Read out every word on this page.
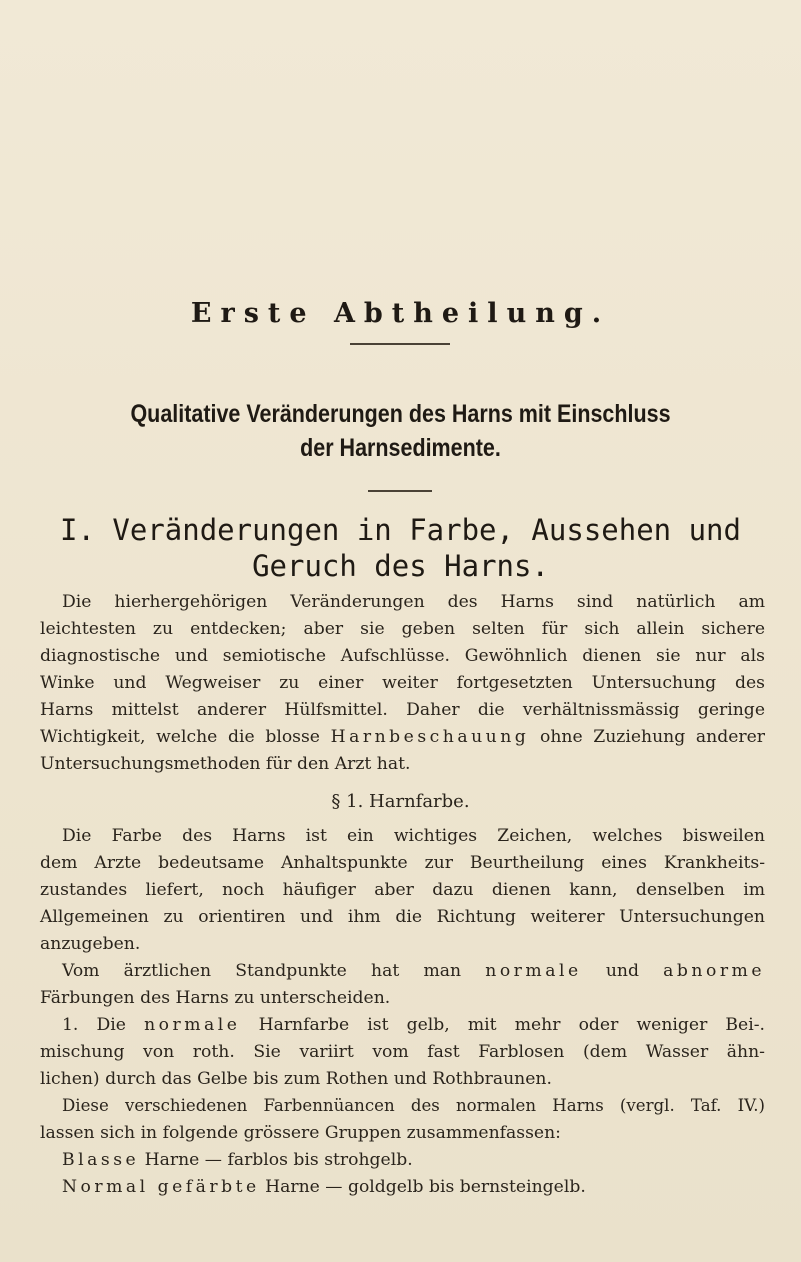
Erste Abtheilung.
Qualitative Veränderungen des Harns mit Einschluss
der Harnsedimente.
I. Veränderungen in Farbe, Aussehen und
Geruch des Harns.
Die hierhergehörigen Veränderungen des Harns sind natürlich am
leichtesten zu entdecken; aber sie geben selten für sich allein sichere
diagnostische und semiotische Aufschlüsse. Gewöhnlich dienen sie nur als
Winke und Wegweiser zu einer weiter fortgesetzten Untersuchung des
Harns mittelst anderer Hülfsmittel. Daher die verhältnissmässig geringe
Wichtigkeit, welche die blosse Harnbeschauung ohne Zuziehung anderer
Untersuchungsmethoden für den Arzt hat.
§ 1. Harnfarbe.
Die Farbe des Harns ist ein wichtiges Zeichen, welches bisweilen
dem Arzte bedeutsame Anhaltspunkte zur Beurtheilung eines Krankheits-
zustandes liefert, noch häufiger aber dazu dienen kann, denselben im
Allgemeinen zu orientiren und ihm die Richtung weiterer Untersuchungen
anzugeben.
Vom ärztlichen Standpunkte hat man normale und abnorme
Färbungen des Harns zu unterscheiden.
1. Die normale Harnfarbe ist gelb, mit mehr oder weniger Bei-.
mischung von roth. Sie variirt vom fast Farblosen (dem Wasser ähn-
lichen) durch das Gelbe bis zum Rothen und Rothbraunen.
Diese verschiedenen Farbennüancen des normalen Harns (vergl. Taf. IV.)
lassen sich in folgende grössere Gruppen zusammenfassen:
Blasse Harne — farblos bis strohgelb.
Normal gefärbte Harne — goldgelb bis bernsteingelb.
